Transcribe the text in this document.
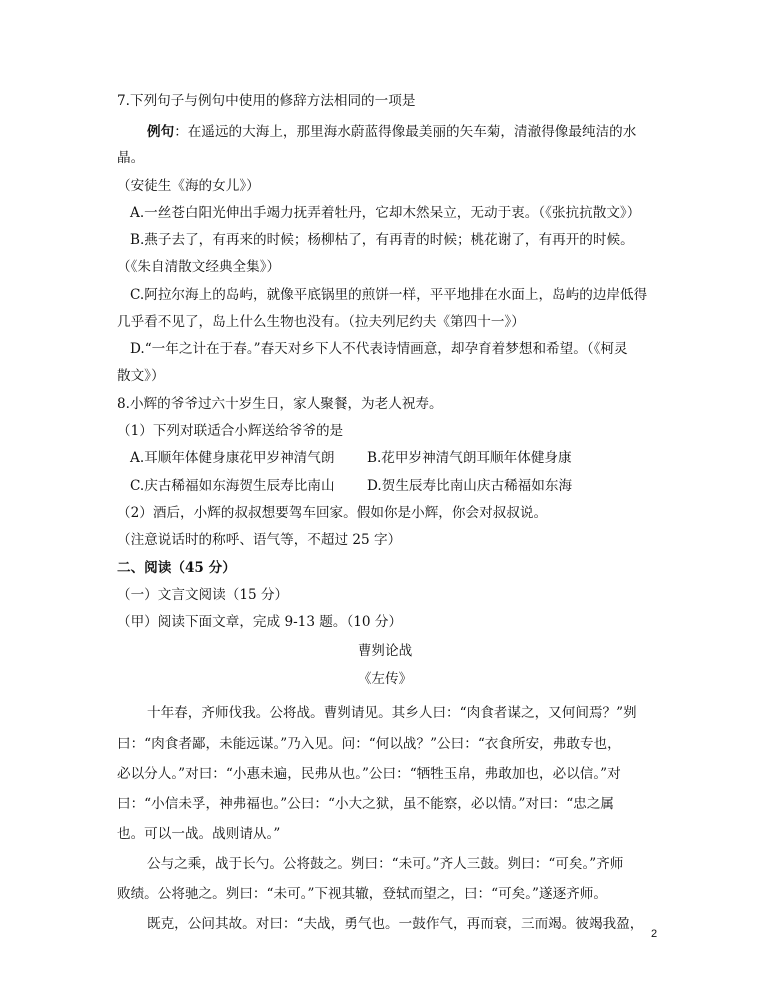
7.下列句子与例句中使用的修辞方法相同的一项是
例句：在遥远的大海上，那里海水蔚蓝得像最美丽的矢车菊，清澈得像最纯洁的水
晶。
（安徒生《海的女儿》）
A.一丝苍白阳光伸出手竭力抚弄着牡丹，它却木然呆立，无动于衷。（《张抗抗散文》）
B.燕子去了，有再来的时候；杨柳枯了，有再青的时候；桃花谢了，有再开的时候。
（《朱自清散文经典全集》）
C.阿拉尔海上的岛屿，就像平底锅里的煎饼一样，平平地排在水面上，岛屿的边岸低得
几乎看不见了，岛上什么生物也没有。（拉夫列尼约夫《第四十一》）
D.“一年之计在于春。”春天对乡下人不代表诗情画意，却孕育着梦想和希望。（《柯灵
散文》）
8.小辉的爷爷过六十岁生日，家人聚餐，为老人祝寿。
（1）下列对联适合小辉送给爷爷的是
A.耳顺年体健身康花甲岁神清气朗 B.花甲岁神清气朗耳顺年体健身康
C.庆古稀福如东海贺生辰寿比南山 D.贺生辰寿比南山庆古稀福如东海
（2）酒后，小辉的叔叔想要驾车回家。假如你是小辉，你会对叔叔说。
（注意说话时的称呼、语气等，不超过 25 字）
二、阅读（45 分）
（一）文言文阅读（15 分）
（甲）阅读下面文章，完成 9-13 题。（10 分）
曹刿论战
《左传》
十年春，齐师伐我。公将战。曹刿请见。其乡人曰：“肉食者谋之，又何间焉？”刿
曰：“肉食者鄙，未能远谋。”乃入见。问：“何以战？”公曰：“衣食所安，弗敢专也，
必以分人。”对曰：“小惠未遍，民弗从也。”公曰：“牺牲玉帛，弗敢加也，必以信。”对
曰：“小信未孚，神弗福也。”公曰：“小大之狱，虽不能察，必以情。”对曰：“忠之属
也。可以一战。战则请从。”
公与之乘，战于长勺。公将鼓之。刿曰：“未可。”齐人三鼓。刿曰：“可矣。”齐师
败绩。公将驰之。刿曰：“未可。”下视其辙，登轼而望之，曰：“可矣。”遂逐齐师。
既克，公问其故。对曰：“夫战，勇气也。一鼓作气，再而衰，三而竭。彼竭我盈，
2
